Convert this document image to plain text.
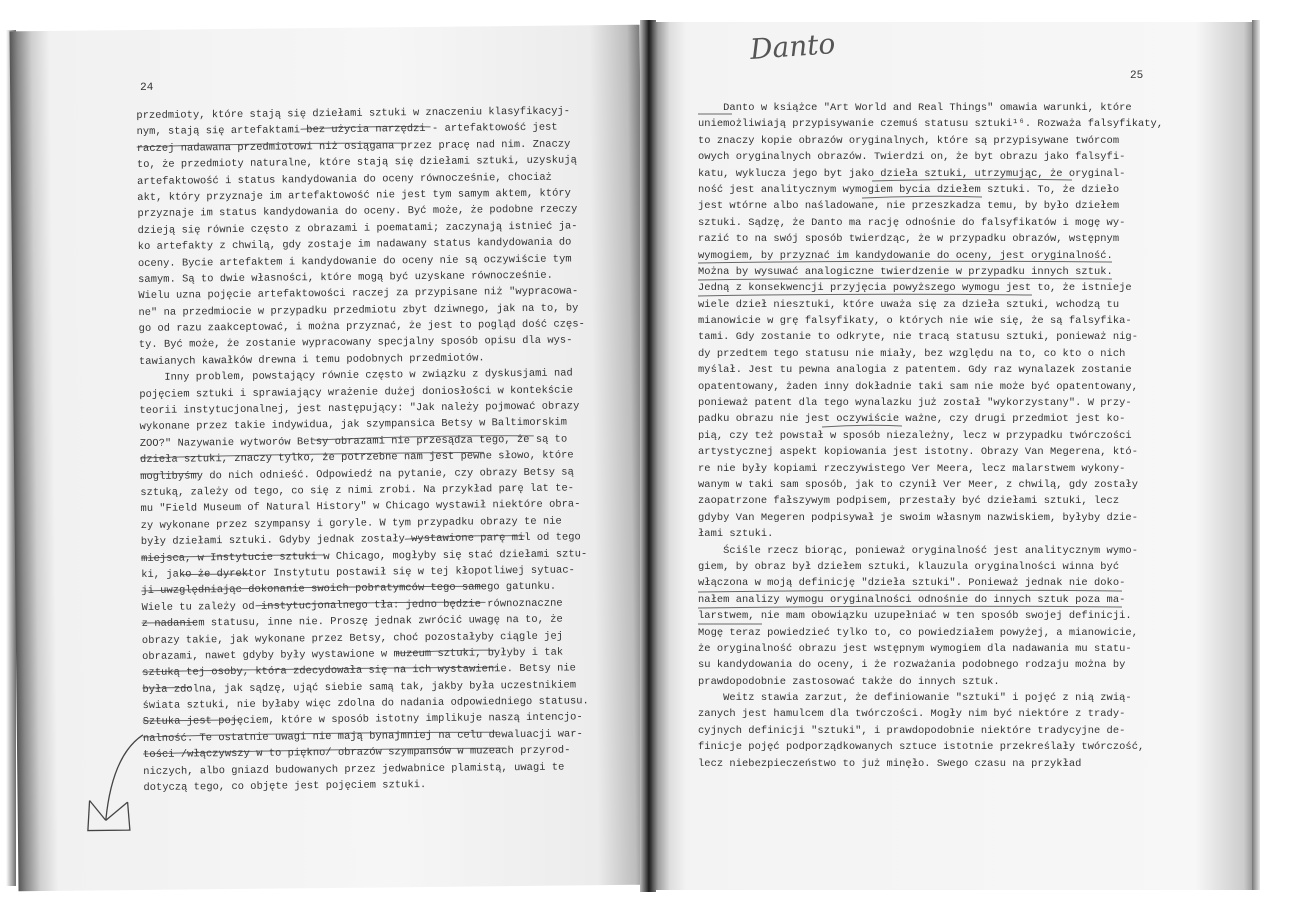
24
przedmioty, które stają się dziełami sztuki w znaczeniu klasyfikacyj-
nym, stają się artefaktami bez użycia narzędzi - artefaktowość jest
raczej nadawana przedmiotowi niż osiągana przez pracę nad nim. Znaczy
to, że przedmioty naturalne, które stają się dziełami sztuki, uzyskują
artefaktowość i status kandydowania do oceny równocześnie, chociaż
akt, który przyznaje im artefaktowość nie jest tym samym aktem, który
przyznaje im status kandydowania do oceny. Być może, że podobne rzeczy
dzieją się równie często z obrazami i poematami; zaczynają istnieć ja-
ko artefakty z chwilą, gdy zostaje im nadawany status kandydowania do
oceny. Bycie artefaktem i kandydowanie do oceny nie są oczywiście tym
samym. Są to dwie własności, które mogą być uzyskane równocześnie.
Wielu uzna pojęcie artefaktowości raczej za przypisane niż "wypracowa-
ne" na przedmiocie w przypadku przedmiotu zbyt dziwnego, jak na to, by
go od razu zaakceptować, i można przyznać, że jest to pogląd dość częs-
ty. Być może, że zostanie wypracowany specjalny sposób opisu dla wys-
tawianych kawałków drewna i temu podobnych przedmiotów.
Inny problem, powstający równie często w związku z dyskusjami nad
pojęciem sztuki i sprawiający wrażenie dużej doniosłości w kontekście
teorii instytucjonalnej, jest następujący: "Jak należy pojmować obrazy
wykonane przez takie indywidua, jak szympansica Betsy w Baltimorskim
ZOO?" Nazywanie wytworów Betsy obrazami nie przesądza tego, że są to
dzieła sztuki, znaczy tylko, że potrzebne nam jest pewne słowo, które
moglibyśmy do nich odnieść. Odpowiedź na pytanie, czy obrazy Betsy są
sztuką, zależy od tego, co się z nimi zrobi. Na przykład parę lat te-
mu "Field Museum of Natural History" w Chicago wystawił niektóre obra-
zy wykonane przez szympansy i goryle. W tym przypadku obrazy te nie
były dziełami sztuki. Gdyby jednak zostały wystawione parę mil od tego
miejsca, w Instytucie sztuki w Chicago, mogłyby się stać dziełami sztu-
ki, jako że dyrektor Instytutu postawił się w tej kłopotliwej sytuac-
ji uwzględniając dokonanie swoich pobratymców tego samego gatunku.
Wiele tu zależy od instytucjonalnego tła: jedno będzie równoznaczne
z nadaniem statusu, inne nie. Proszę jednak zwrócić uwagę na to, że
obrazy takie, jak wykonane przez Betsy, choć pozostałyby ciągle jej
obrazami, nawet gdyby były wystawione w muzeum sztuki, byłyby i tak
sztuką tej osoby, która zdecydowała się na ich wystawienie. Betsy nie
była zdolna, jak sądzę, ująć siebie samą tak, jakby była uczestnikiem
świata sztuki, nie byłaby więc zdolna do nadania odpowiedniego statusu.
Sztuka jest pojęciem, które w sposób istotny implikuje naszą intencjo-
nalność. Te ostatnie uwagi nie mają bynajmniej na celu dewaluacji war-
tości /włączywszy w to piękno/ obrazów szympansów w muzeach przyrod-
niczych, albo gniazd budowanych przez jedwabnice plamistą, uwagi te
dotyczą tego, co objęte jest pojęciem sztuki.
Danto
25
Danto w książce "Art World and Real Things" omawia warunki, które
uniemożliwiają przypisywanie czemuś statusu sztuki¹⁶. Rozważa falsyfikaty,
to znaczy kopie obrazów oryginalnych, które są przypisywane twórcom
owych oryginalnych obrazów. Twierdzi on, że byt obrazu jako falsyfi-
katu, wyklucza jego byt jako dzieła sztuki, utrzymując, że oryginal-
ność jest analitycznym wymogiem bycia dziełem sztuki. To, że dzieło
jest wtórne albo naśladowane, nie przeszkadza temu, by było dziełem
sztuki. Sądzę, że Danto ma rację odnośnie do falsyfikatów i mogę wy-
razić to na swój sposób twierdząc, że w przypadku obrazów, wstępnym
wymogiem, by przyznać im kandydowanie do oceny, jest oryginalność.
Można by wysuwać analogiczne twierdzenie w przypadku innych sztuk.
Jedną z konsekwencji przyjęcia powyższego wymogu jest to, że istnieje
wiele dzieł niesztuki, które uważa się za dzieła sztuki, wchodzą tu
mianowicie w grę falsyfikaty, o których nie wie się, że są falsyfika-
tami. Gdy zostanie to odkryte, nie tracą statusu sztuki, ponieważ nig-
dy przedtem tego statusu nie miały, bez względu na to, co kto o nich
myślał. Jest tu pewna analogia z patentem. Gdy raz wynalazek zostanie
opatentowany, żaden inny dokładnie taki sam nie może być opatentowany,
ponieważ patent dla tego wynalazku już został "wykorzystany". W przy-
padku obrazu nie jest oczywiście ważne, czy drugi przedmiot jest ko-
pią, czy też powstał w sposób niezależny, lecz w przypadku twórczości
artystycznej aspekt kopiowania jest istotny. Obrazy Van Megerena, któ-
re nie były kopiami rzeczywistego Ver Meera, lecz malarstwem wykony-
wanym w taki sam sposób, jak to czynił Ver Meer, z chwilą, gdy zostały
zaopatrzone fałszywym podpisem, przestały być dziełami sztuki, lecz
gdyby Van Megeren podpisywał je swoim własnym nazwiskiem, byłyby dzie-
łami sztuki.
Ściśle rzecz biorąc, ponieważ oryginalność jest analitycznym wymo-
giem, by obraz był dziełem sztuki, klauzula oryginalności winna być
włączona w moją definicję "dzieła sztuki". Ponieważ jednak nie doko-
nałem analizy wymogu oryginalności odnośnie do innych sztuk poza ma-
larstwem, nie mam obowiązku uzupełniać w ten sposób swojej definicji.
Mogę teraz powiedzieć tylko to, co powiedziałem powyżej, a mianowicie,
że oryginalność obrazu jest wstępnym wymogiem dla nadawania mu statu-
su kandydowania do oceny, i że rozważania podobnego rodzaju można by
prawdopodobnie zastosować także do innych sztuk.
Weitz stawia zarzut, że definiowanie "sztuki" i pojęć z nią zwią-
zanych jest hamulcem dla twórczości. Mogły nim być niektóre z trady-
cyjnych definicji "sztuki", i prawdopodobnie niektóre tradycyjne de-
finicje pojęć podporządkowanych sztuce istotnie przekreślały twórczość,
lecz niebezpieczeństwo to już minęło. Swego czasu na przykład
